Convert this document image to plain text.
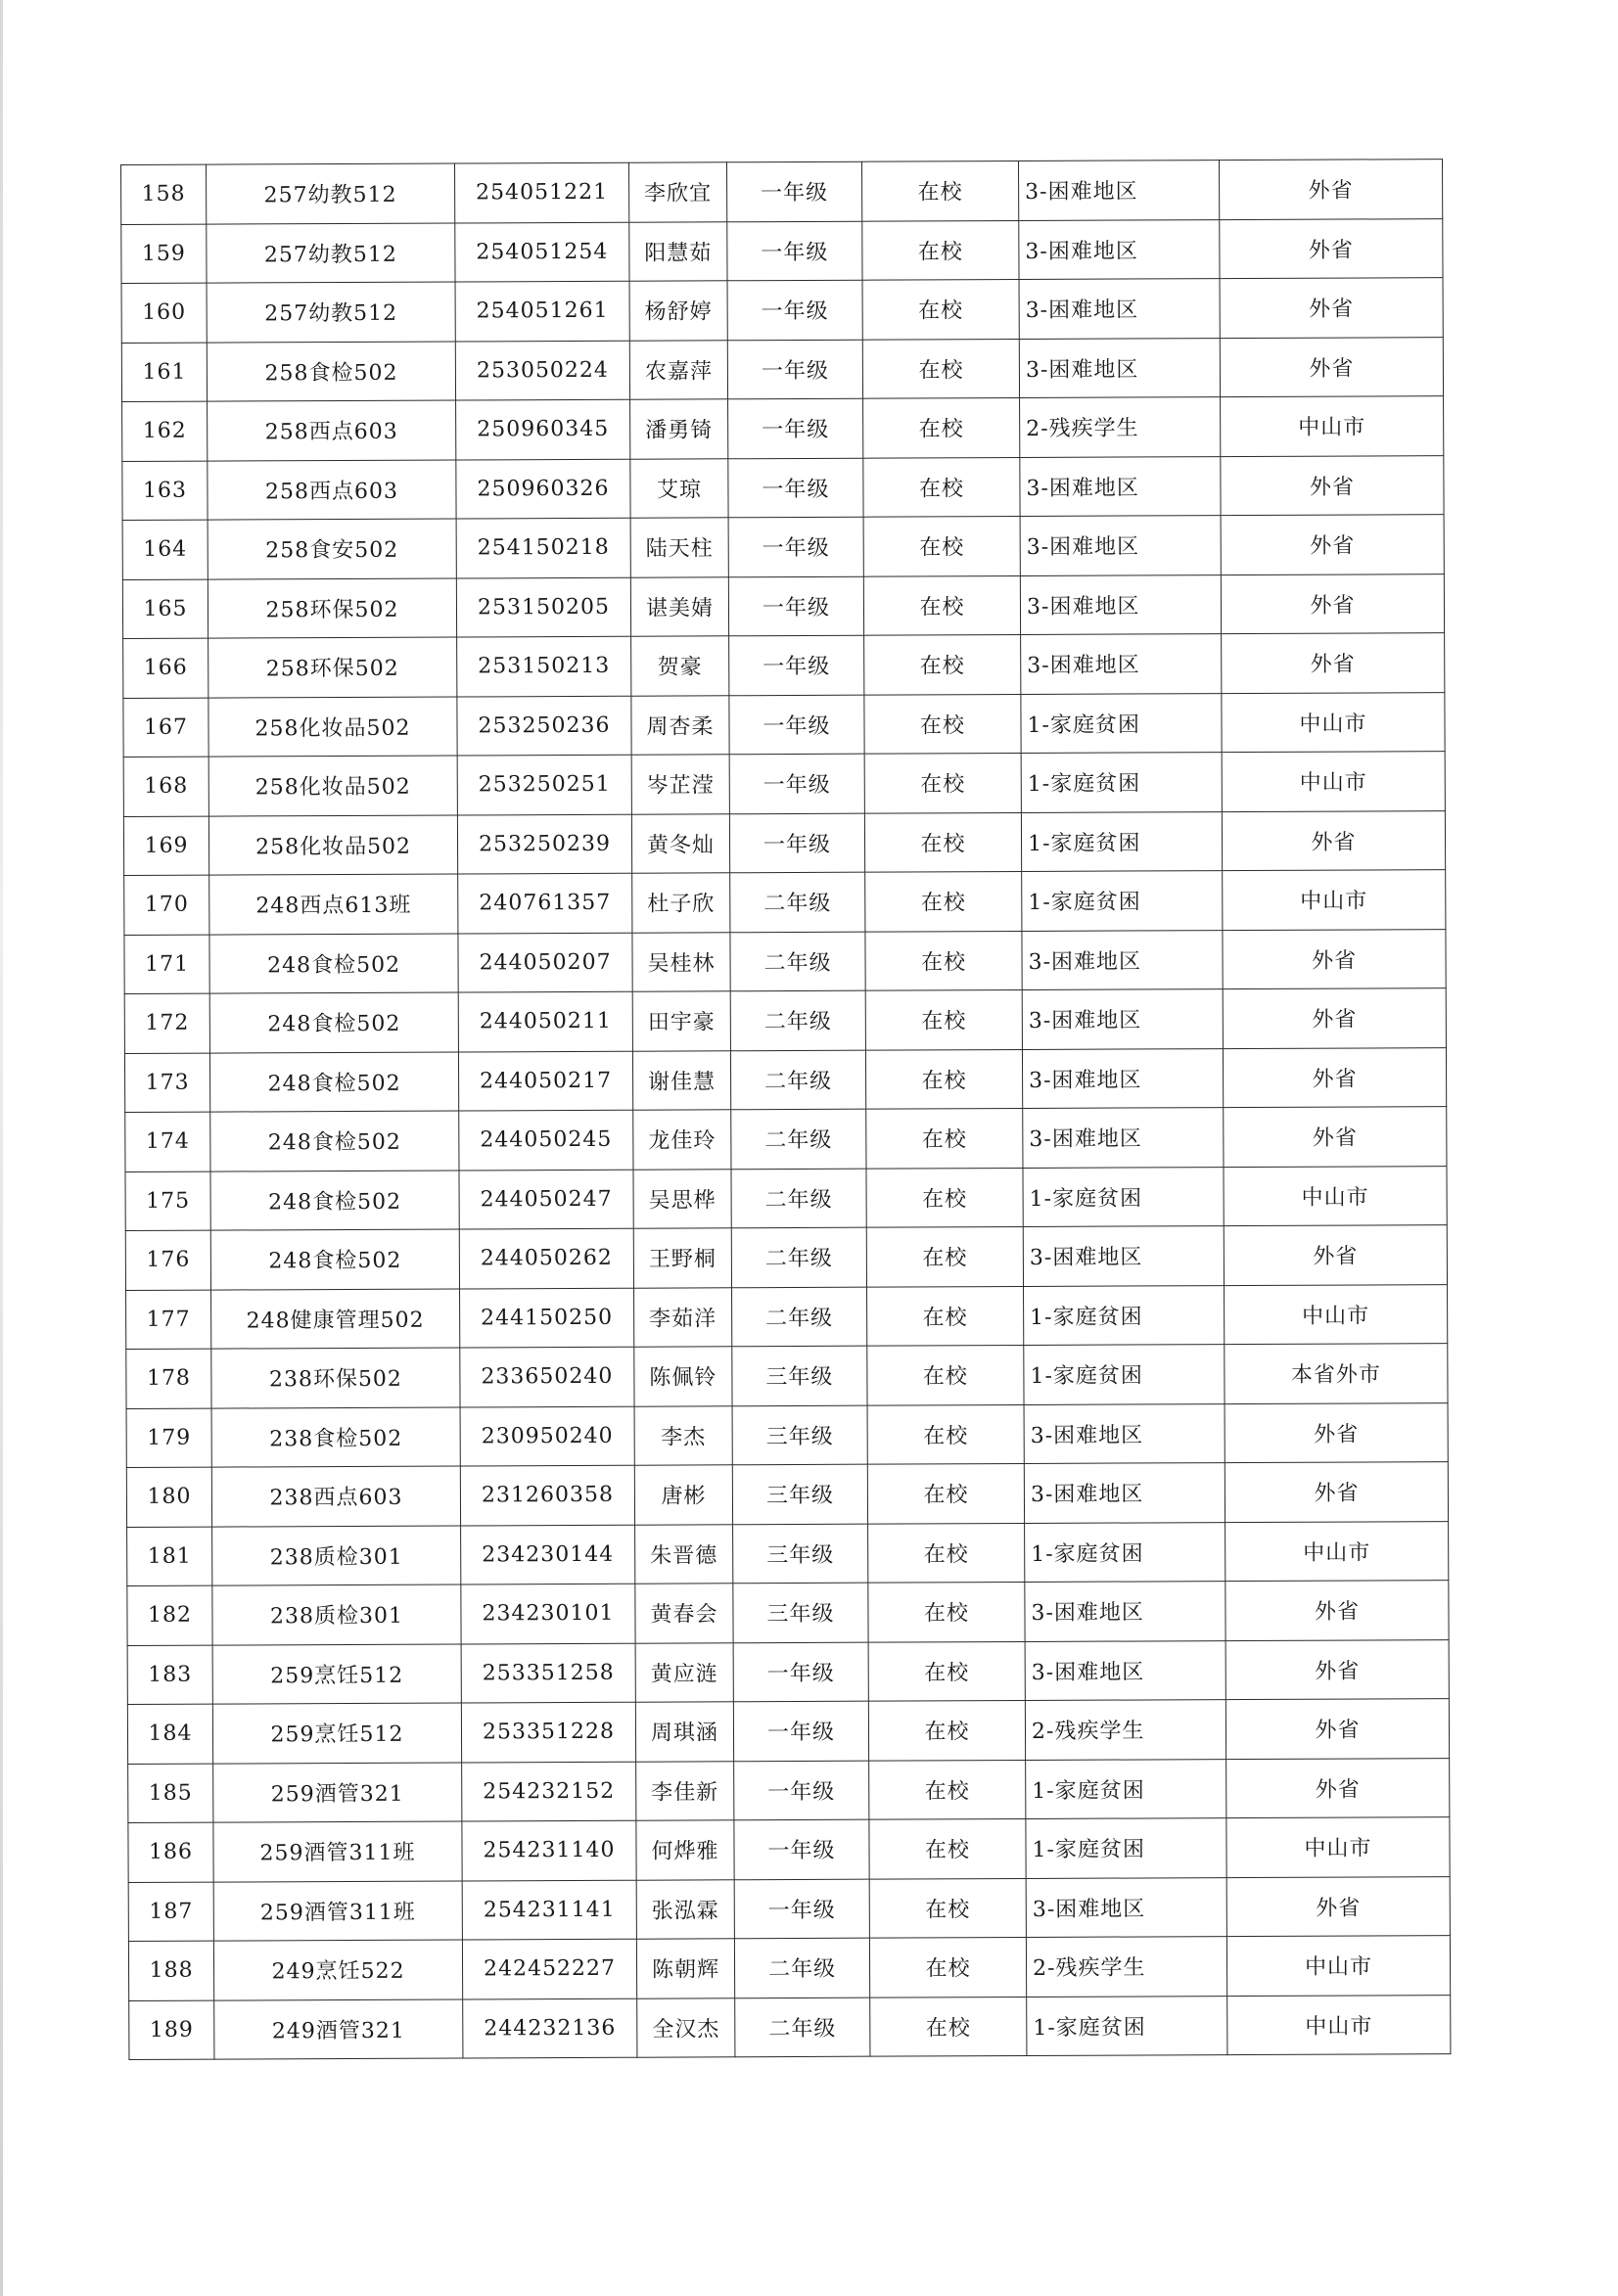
158	257幼教512	254051221	李欣宜	一年级	在校	3-困难地区	外省
159	257幼教512	254051254	阳慧茹	一年级	在校	3-困难地区	外省
160	257幼教512	254051261	杨舒婷	一年级	在校	3-困难地区	外省
161	258食检502	253050224	农嘉萍	一年级	在校	3-困难地区	外省
162	258西点603	250960345	潘勇锜	一年级	在校	2-残疾学生	中山市
163	258西点603	250960326	艾琼	一年级	在校	3-困难地区	外省
164	258食安502	254150218	陆天柱	一年级	在校	3-困难地区	外省
165	258环保502	253150205	谌美婧	一年级	在校	3-困难地区	外省
166	258环保502	253150213	贺豪	一年级	在校	3-困难地区	外省
167	258化妆品502	253250236	周杏柔	一年级	在校	1-家庭贫困	中山市
168	258化妆品502	253250251	岑芷滢	一年级	在校	1-家庭贫困	中山市
169	258化妆品502	253250239	黄冬灿	一年级	在校	1-家庭贫困	外省
170	248西点613班	240761357	杜子欣	二年级	在校	1-家庭贫困	中山市
171	248食检502	244050207	吴桂林	二年级	在校	3-困难地区	外省
172	248食检502	244050211	田宇豪	二年级	在校	3-困难地区	外省
173	248食检502	244050217	谢佳慧	二年级	在校	3-困难地区	外省
174	248食检502	244050245	龙佳玲	二年级	在校	3-困难地区	外省
175	248食检502	244050247	吴思桦	二年级	在校	1-家庭贫困	中山市
176	248食检502	244050262	王野桐	二年级	在校	3-困难地区	外省
177	248健康管理502	244150250	李茹洋	二年级	在校	1-家庭贫困	中山市
178	238环保502	233650240	陈佩铃	三年级	在校	1-家庭贫困	本省外市
179	238食检502	230950240	李杰	三年级	在校	3-困难地区	外省
180	238西点603	231260358	唐彬	三年级	在校	3-困难地区	外省
181	238质检301	234230144	朱晋德	三年级	在校	1-家庭贫困	中山市
182	238质检301	234230101	黄春会	三年级	在校	3-困难地区	外省
183	259烹饪512	253351258	黄应涟	一年级	在校	3-困难地区	外省
184	259烹饪512	253351228	周琪涵	一年级	在校	2-残疾学生	外省
185	259酒管321	254232152	李佳新	一年级	在校	1-家庭贫困	外省
186	259酒管311班	254231140	何烨雅	一年级	在校	1-家庭贫困	中山市
187	259酒管311班	254231141	张泓霖	一年级	在校	3-困难地区	外省
188	249烹饪522	242452227	陈朝辉	二年级	在校	2-残疾学生	中山市
189	249酒管321	244232136	全汉杰	二年级	在校	1-家庭贫困	中山市
